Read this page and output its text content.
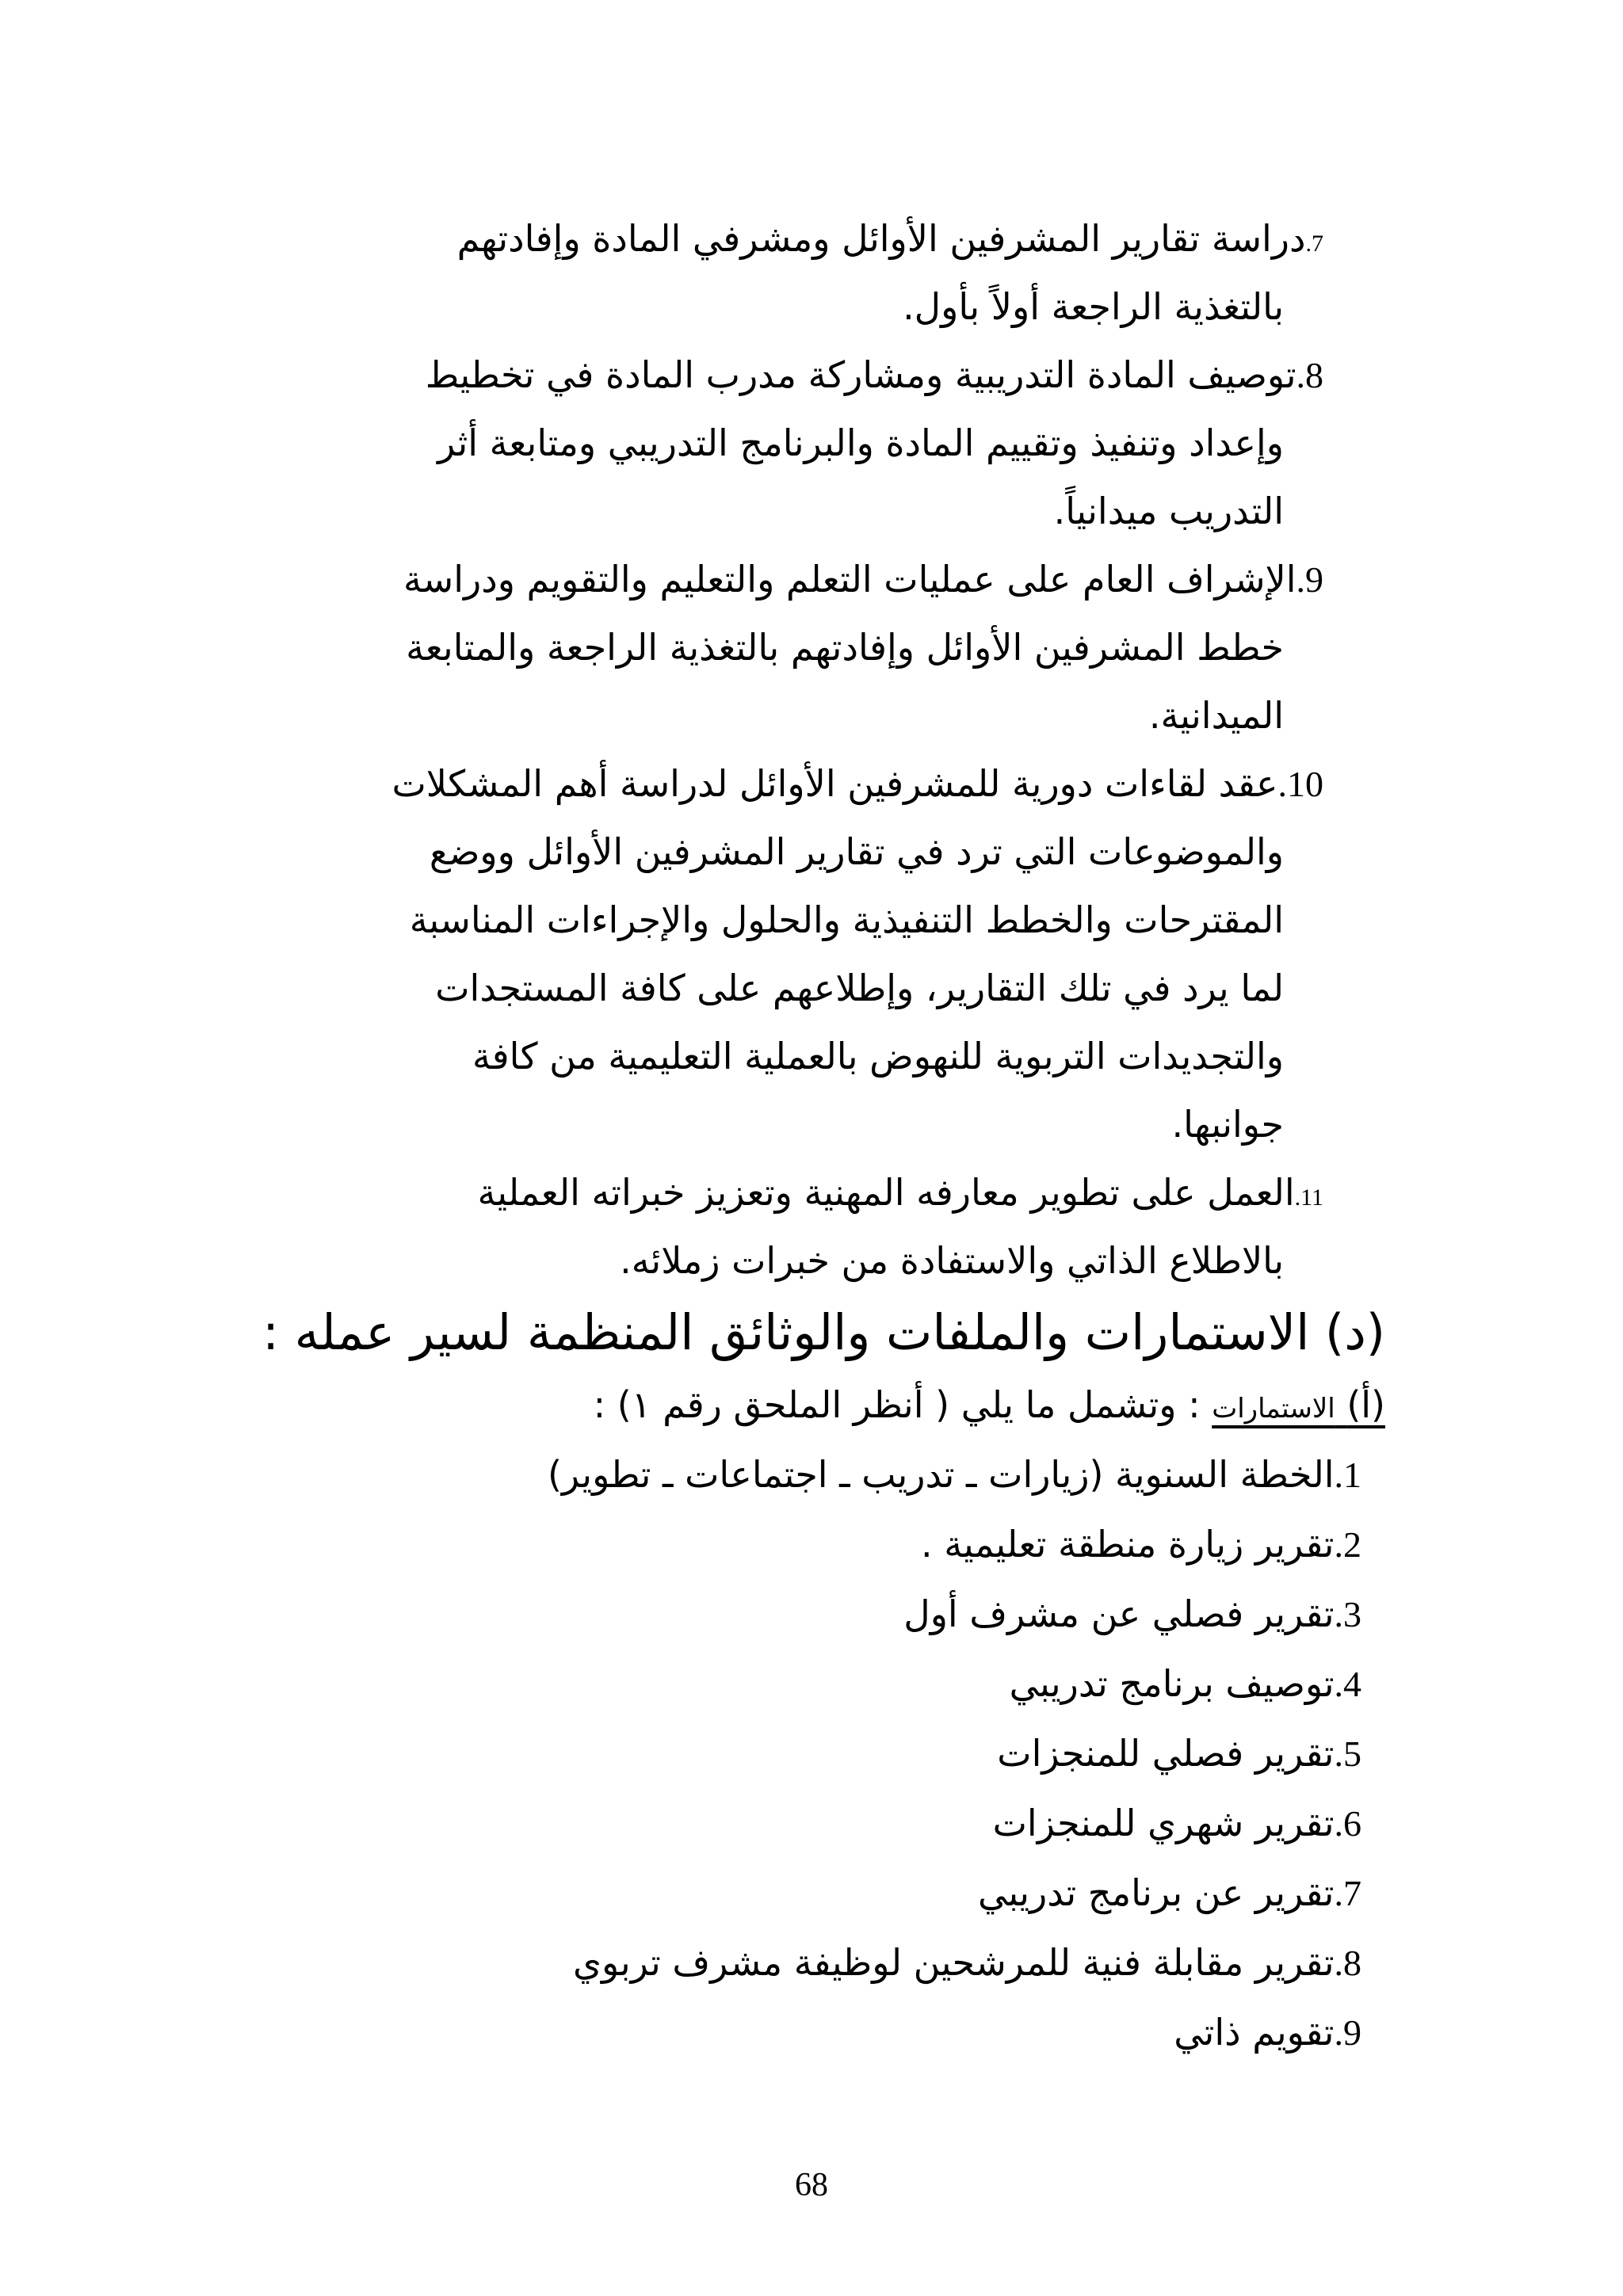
7.دراسة تقارير المشرفين الأوائل ومشرفي المادة وإفادتهم
بالتغذية الراجعة أولاً بأول.
8.توصيف المادة التدريبية ومشاركة مدرب المادة في تخطيط
وإعداد وتنفيذ وتقييم المادة والبرنامج التدريبي ومتابعة أثر
التدريب ميدانياً.
9.الإشراف العام على عمليات التعلم والتعليم والتقويم ودراسة
خطط المشرفين الأوائل وإفادتهم بالتغذية الراجعة والمتابعة
الميدانية.
10.عقد لقاءات دورية للمشرفين الأوائل لدراسة أهم المشكلات
والموضوعات التي ترد في تقارير المشرفين الأوائل ووضع
المقترحات والخطط التنفيذية والحلول والإجراءات المناسبة
لما يرد في تلك التقارير، وإطلاعهم على كافة المستجدات
والتجديدات التربوية للنهوض بالعملية التعليمية من كافة
جوانبها.
11.العمل على تطوير معارفه المهنية وتعزيز خبراته العملية
بالاطلاع الذاتي والاستفادة من خبرات زملائه.
(د) الاستمارات والملفات والوثائق المنظمة لسير عمله :
(أ) الاستمارات : وتشمل ما يلي ( أنظر الملحق رقم ١) :
1.الخطة السنوية (زيارات ـ تدريب ـ اجتماعات ـ تطوير)
2.تقرير زيارة منطقة تعليمية .
3.تقرير فصلي عن مشرف أول
4.توصيف برنامج تدريبي
5.تقرير فصلي للمنجزات
6.تقرير شهري للمنجزات
7.تقرير عن برنامج تدريبي
8.تقرير مقابلة فنية للمرشحين لوظيفة مشرف تربوي
9.تقويم ذاتي
68
